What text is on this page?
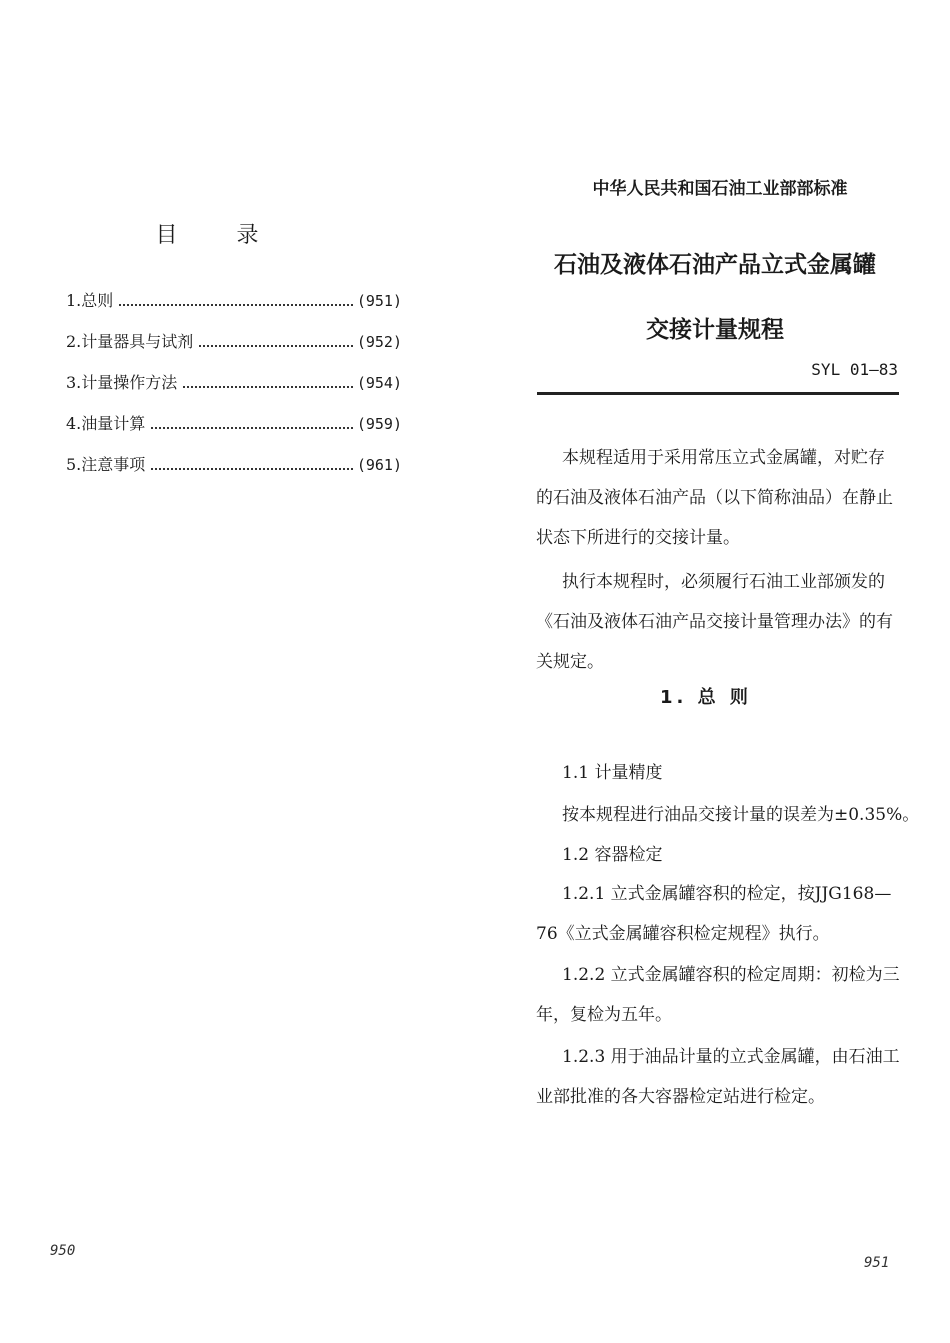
目 录
1.总则	(951)
2.计量器具与试剂	(952)
3.计量操作方法	(954)
4.油量计算	(959)
5.注意事项	(961)
950
中华人民共和国石油工业部部标准
石油及液体石油产品立式金属罐
交接计量规程
SYL 01—83

本规程适用于采用常压立式金属罐，对贮存的石油及液体石油产品（以下简称油品）在静止状态下所进行的交接计量。

执行本规程时，必须履行石油工业部颁发的《石油及液体石油产品交接计量管理办法》的有关规定。

1. 总 则
1.1 计量精度
按本规程进行油品交接计量的误差为±0.35%。
1.2 容器检定

1.2.1 立式金属罐容积的检定，按JJG168—76《立式金属罐容积检定规程》执行。

1.2.2 立式金属罐容积的检定周期：初检为三年，复检为五年。

1.2.3 用于油品计量的立式金属罐，由石油工业部批准的各大容器检定站进行检定。

951
